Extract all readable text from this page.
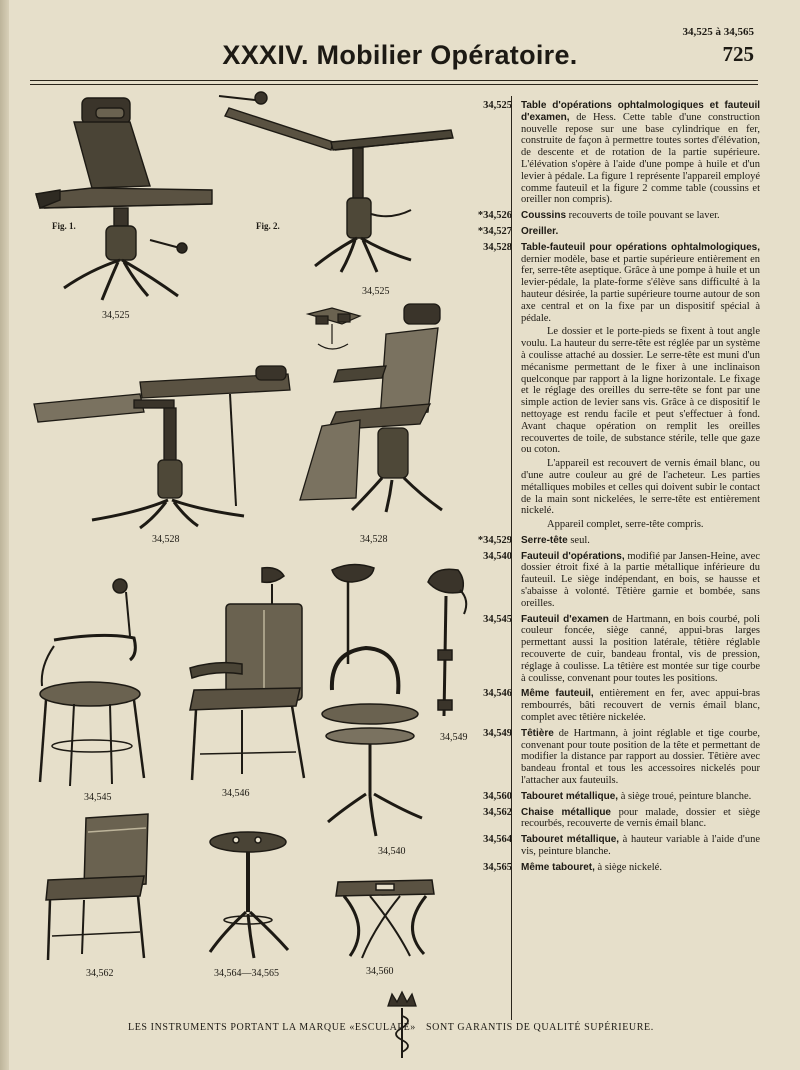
34,525 à 34,565
725
XXXIV. Mobilier Opératoire.
Fig. 1.
34,525
Fig. 2.
34,525
34,528	34,528
34,545	34,546
34,540
34,549
34,562	34,564—34,565	34,560
34,525 Table d'opérations ophtalmologiques et fauteuil d'examen, de Hess. Cette table d'une construction nouvelle repose sur une base cylindrique en fer, construite de façon à permettre toutes sortes d'élévation, de descente et de rotation de la partie supérieure. L'élévation s'opère à l'aide d'une pompe à huile et d'un levier à pédale. La figure 1 représente l'appareil employé comme fauteuil et la figure 2 comme table (coussins et oreiller non compris).
*34,526 Coussins recouverts de toile pouvant se laver.
*34,527 Oreiller.
34,528 Table-fauteuil pour opérations ophtalmologiques, dernier modèle, base et partie supérieure entièrement en fer, serre-tête aseptique. Grâce à une pompe à huile et un levier-pédale, la plate-forme s'élève sans difficulté à la hauteur désirée, la partie supérieure tourne autour de son axe central et on la fixe par un dispositif spécial à pédale.
Le dossier et le porte-pieds se fixent à tout angle voulu. La hauteur du serre-tête est réglée par un système à coulisse attaché au dossier. Le serre-tête est muni d'un mécanisme permettant de le fixer à une inclinaison quelconque par rapport à la ligne horizontale. Le fixage et le réglage des oreilles du serre-tête se font par une simple action de levier sans vis. Grâce à ce dispositif le nettoyage est rendu facile et peut s'effectuer à fond. Avant chaque opération on remplit les oreilles recouvertes de toile, de substance stérile, telle que gaze ou coton.
L'appareil est recouvert de vernis émail blanc, ou d'une autre couleur au gré de l'acheteur. Les parties métalliques mobiles et celles qui doivent subir le contact de la main sont nickelées, le serre-tête est entièrement nickelé.
Appareil complet, serre-tête compris.
*34,529 Serre-tête seul.
34,540 Fauteuil d'opérations, modifié par Jansen-Heine, avec dossier étroit fixé à la partie métallique inférieure du fauteuil. Le siège indépendant, en bois, se hausse et s'abaisse à volonté. Têtière garnie et bombée, sans oreilles.
34,545 Fauteuil d'examen de Hartmann, en bois courbé, poli couleur foncée, siège canné, appui-bras larges permettant aussi la position latérale, têtière réglable recouverte de cuir, bandeau frontal, vis de pression, réglage à coulisse. La têtière est montée sur tige courbe à coulisse, convenant pour toutes les positions.
34,546 Même fauteuil, entièrement en fer, avec appui-bras rembourrés, bâti recouvert de vernis émail blanc, complet avec têtière nickelée.
34,549 Têtière de Hartmann, à joint réglable et tige courbe, convenant pour toute position de la tête et permettant de modifier la distance par rapport au dossier. Têtière avec bandeau frontal et tous les accessoires nickelés pour l'attacher aux fauteuils.
34,560 Tabouret métallique, à siège troué, peinture blanche.
34,562 Chaise métallique pour malade, dossier et siège recourbés, recouverte de vernis émail blanc.
34,564 Tabouret métallique, à hauteur variable à l'aide d'une vis, peinture blanche.
34,565 Même tabouret, à siège nickelé.
LES INSTRUMENTS PORTANT LA MARQUE «ESCULAPE» SONT GARANTIS DE QUALITÉ SUPÉRIEURE.
